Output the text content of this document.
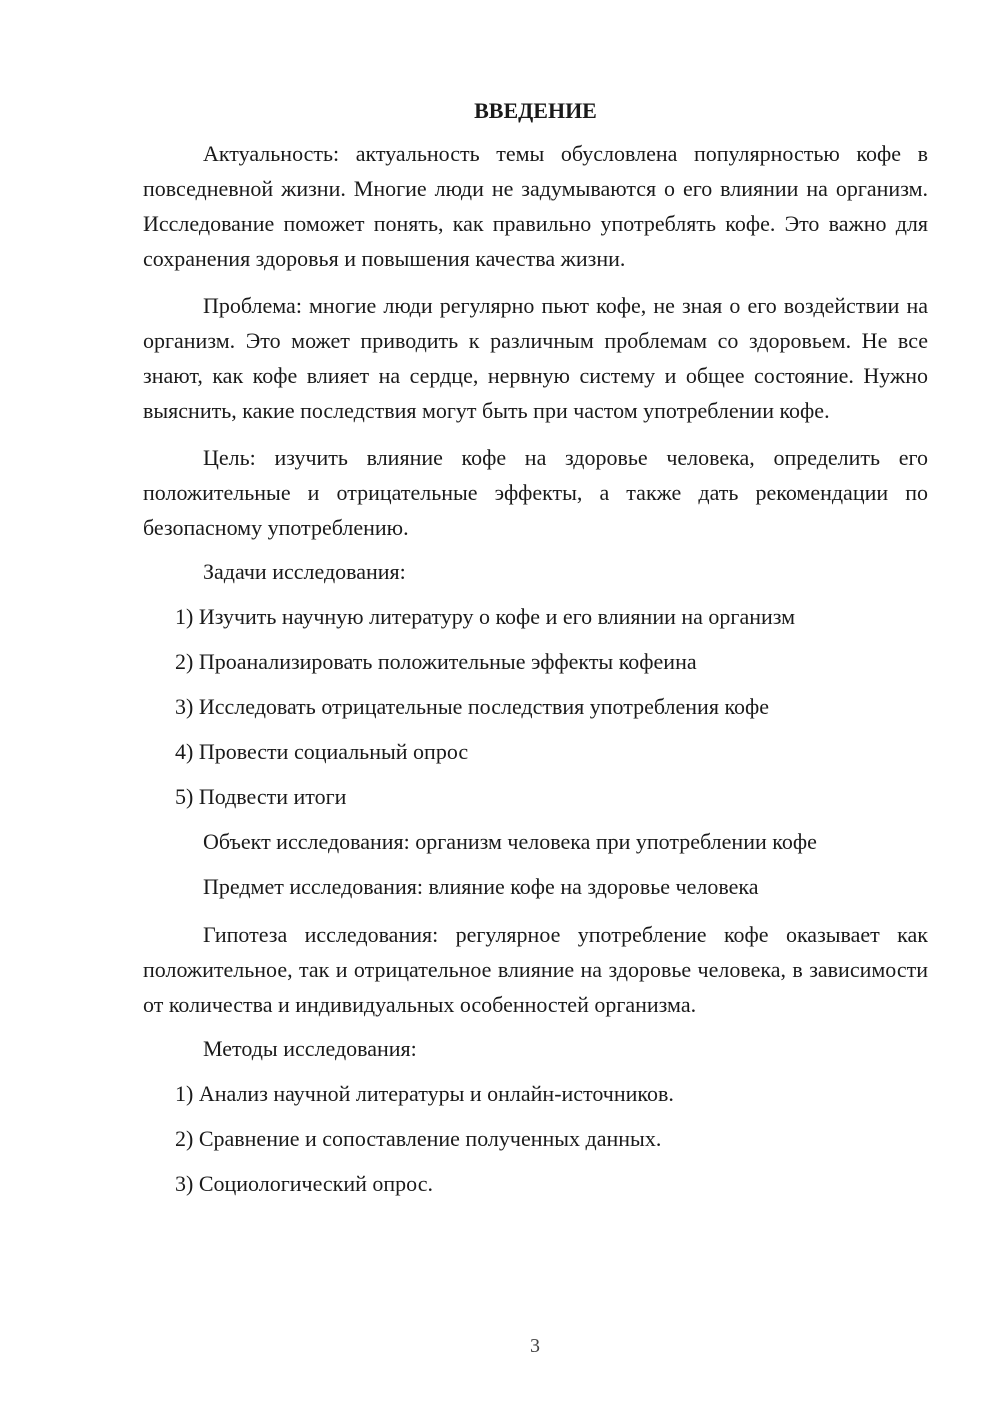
ВВЕДЕНИЕ

Актуальность: актуальность темы обусловлена популярностью кофе в повседневной жизни. Многие люди не задумываются о его влиянии на организм. Исследование поможет понять, как правильно употреблять кофе. Это важно для сохранения здоровья и повышения качества жизни.

Проблема: многие люди регулярно пьют кофе, не зная о его воздействии на организм. Это может приводить к различным проблемам со здоровьем. Не все знают, как кофе влияет на сердце, нервную систему и общее состояние. Нужно выяснить, какие последствия могут быть при частом употреблении кофе.

Цель: изучить влияние кофе на здоровье человека, определить его положительные и отрицательные эффекты, а также дать рекомендации по безопасному употреблению.

Задачи исследования:

1) Изучить научную литературу о кофе и его влиянии на организм

2) Проанализировать положительные эффекты кофеина

3) Исследовать отрицательные последствия употребления кофе

4) Провести социальный опрос

5) Подвести итоги

Объект исследования: организм человека при употреблении кофе

Предмет исследования: влияние кофе на здоровье человека

Гипотеза исследования: регулярное употребление кофе оказывает как положительное, так и отрицательное влияние на здоровье человека, в зависимости от количества и индивидуальных особенностей организма.

Методы исследования:

1) Анализ научной литературы и онлайн-источников.

2) Сравнение и сопоставление полученных данных.

3) Социологический опрос.

3
